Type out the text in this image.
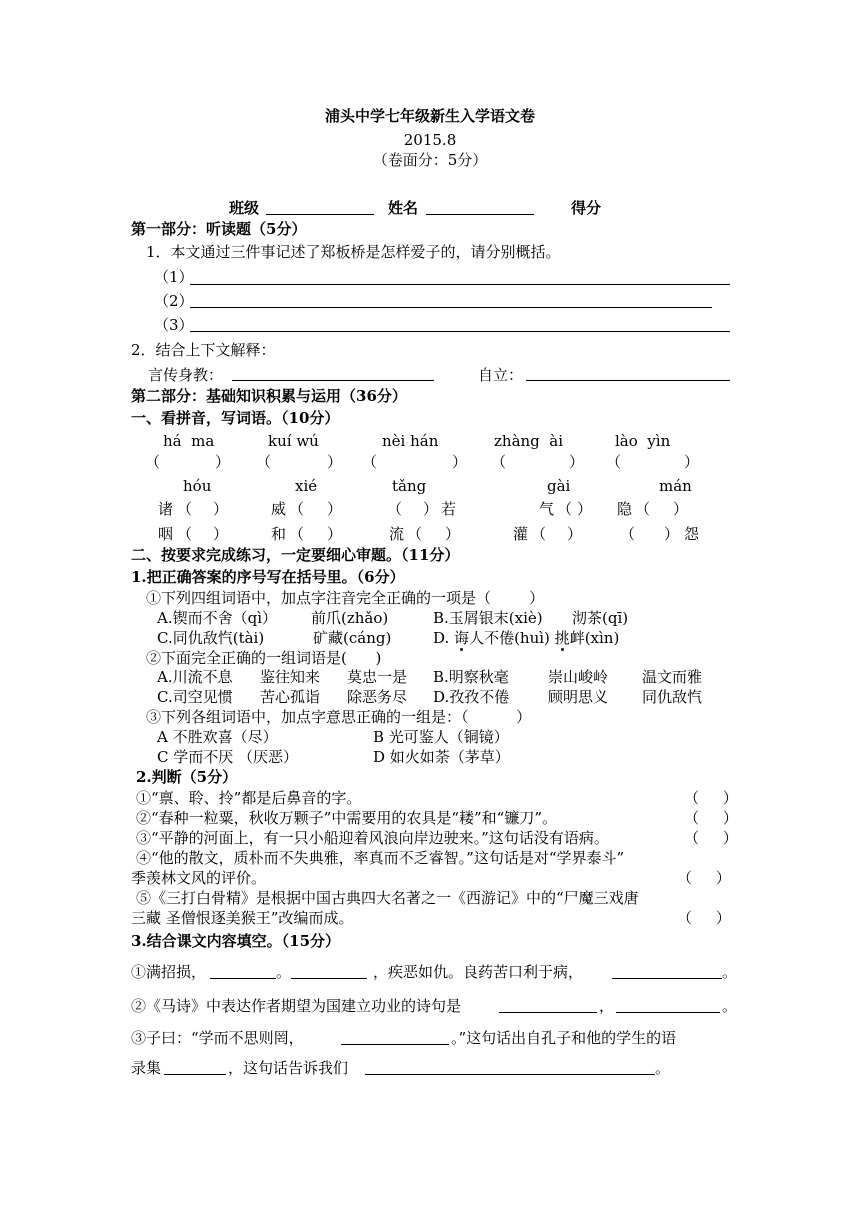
浦头中学七年级新生入学语文卷
2015.8
（卷面分：5分）
班级	姓名	得分
第一部分：听读题（5分）
1．本文通过三件事记述了郑板桥是怎样爱子的，请分别概括。
（1）
（2）
（3）
2．结合上下文解释：
言传身教：	自立：
第二部分：基础知识积累与运用（36分）
一、看拼音，写词语。（10分）
há  ma	kuí wú	nèi hán	zhàng  ài	lào  yìn
（	） （	） （	） （	） （	）
hóu	xié	tǎng	gài	mán
诸 （ ）	威 （ ）	（ ） 若	气 （ ） 隐 （ ）
咽 （ ）	和 （ ）	流 （ ）	灌 （ ）	（ ） 怨
二、按要求完成练习，一定要细心审题。（11分）
1.把正确答案的序号写在括号里。（6分）
①下列四组词语中，加点字注音完全正确的一项是（        ）
A.锲而不舍（qì） 前爪(zhǎo)	B.玉屑银末(xiè) 沏茶(qī)
C.同仇敌忾(tài)	矿藏(cáng)	D. 诲人不倦(huì) 挑衅(xìn)
②下面完全正确的一组词语是(      )
A.川流不息 鉴往知来 莫忠一是 B.明察秋毫	崇山峻岭 温文而雅
C.司空见惯 苦心孤诣 除恶务尽 D.孜孜不倦	顾明思义 同仇敌忾
③下列各组词语中，加点字意思正确的一组是：（          ）
A 不胜欢喜（尽）	B 光可鉴人（铜镜）
C 学而不厌 （厌恶）	D 如火如荼（茅草）
2.判断（5分）
①“禀、聆、拎”都是后鼻音的字。	（     ）
②“春种一粒粟，秋收万颗子”中需要用的农具是“耧”和“镰刀”。	（     ）
③“平静的河面上，有一只小船迎着风浪向岸边驶来。”这句话没有语病。	（     ）
④“他的散文，质朴而不失典雅，率真而不乏睿智。”这句话是对“学界泰斗”
季羡林文风的评价。	（     ）
⑤《三打白骨精》是根据中国古典四大名著之一《西游记》中的“尸魔三戏唐
三藏 圣僧恨逐美猴王”改编而成。	（     ）
3.结合课文内容填空。（15分）
①满招损，	。	，疾恶如仇。良药苦口利于病，	。
②《马诗》中表达作者期望为国建立功业的诗句是	，	。
③子曰：“学而不思则罔，	。”这句话出自孔子和他的学生的语
录集	，这句话告诉我们	。
